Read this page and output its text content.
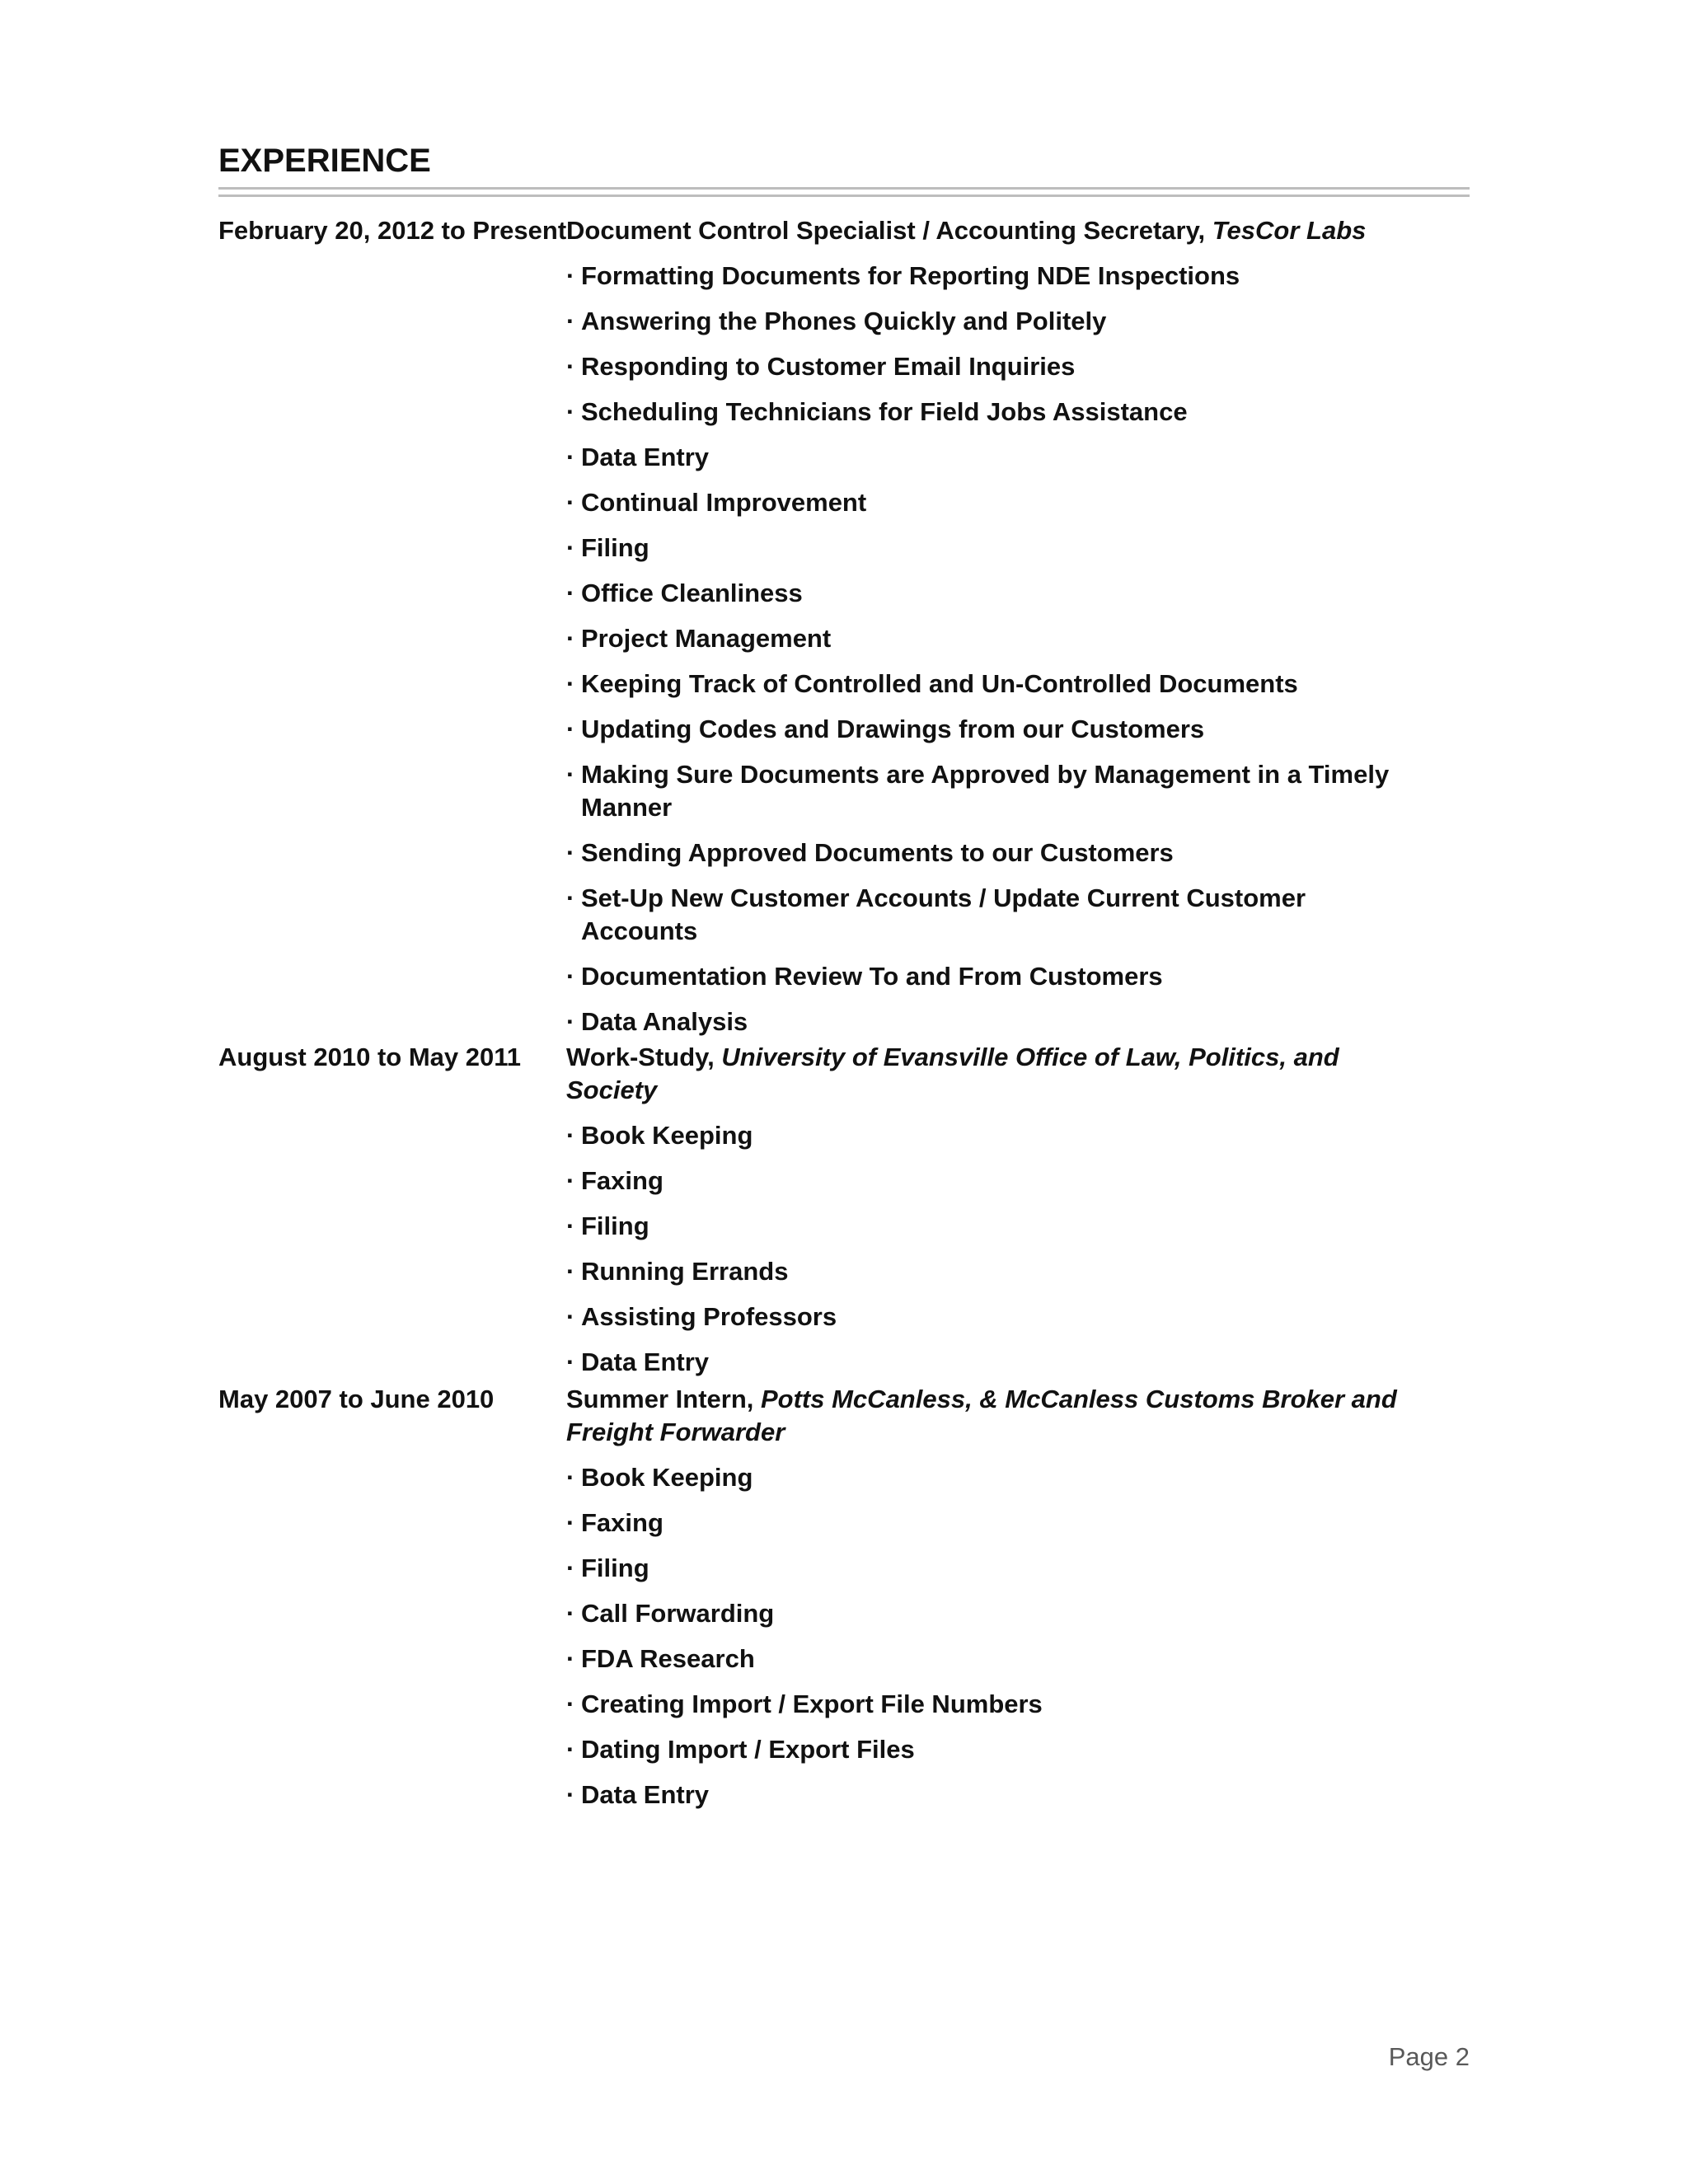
EXPERIENCE
February 20, 2012 to Present Document Control Specialist / Accounting Secretary, TesCor Labs

· Formatting Documents for Reporting NDE Inspections
· Answering the Phones Quickly and Politely
· Responding to Customer Email Inquiries
· Scheduling Technicians for Field Jobs Assistance
· Data Entry
· Continual Improvement
· Filing
· Office Cleanliness
· Project Management
· Keeping Track of Controlled and Un-Controlled Documents
· Updating Codes and Drawings from our Customers
· Making Sure Documents are Approved by Management in a Timely Manner
· Sending Approved Documents to our Customers
· Set-Up New Customer Accounts / Update Current Customer Accounts
· Documentation Review To and From Customers
· Data Analysis
August 2010 to May 2011	Work-Study, University of Evansville Office of Law, Politics, and Society

· Book Keeping
· Faxing
· Filing
· Running Errands
· Assisting Professors
· Data Entry
May 2007 to June 2010	Summer Intern, Potts McCanless, & McCanless Customs Broker and Freight Forwarder

· Book Keeping
· Faxing
· Filing
· Call Forwarding
· FDA Research
· Creating Import / Export File Numbers
· Dating Import / Export Files
· Data Entry
Page 2
